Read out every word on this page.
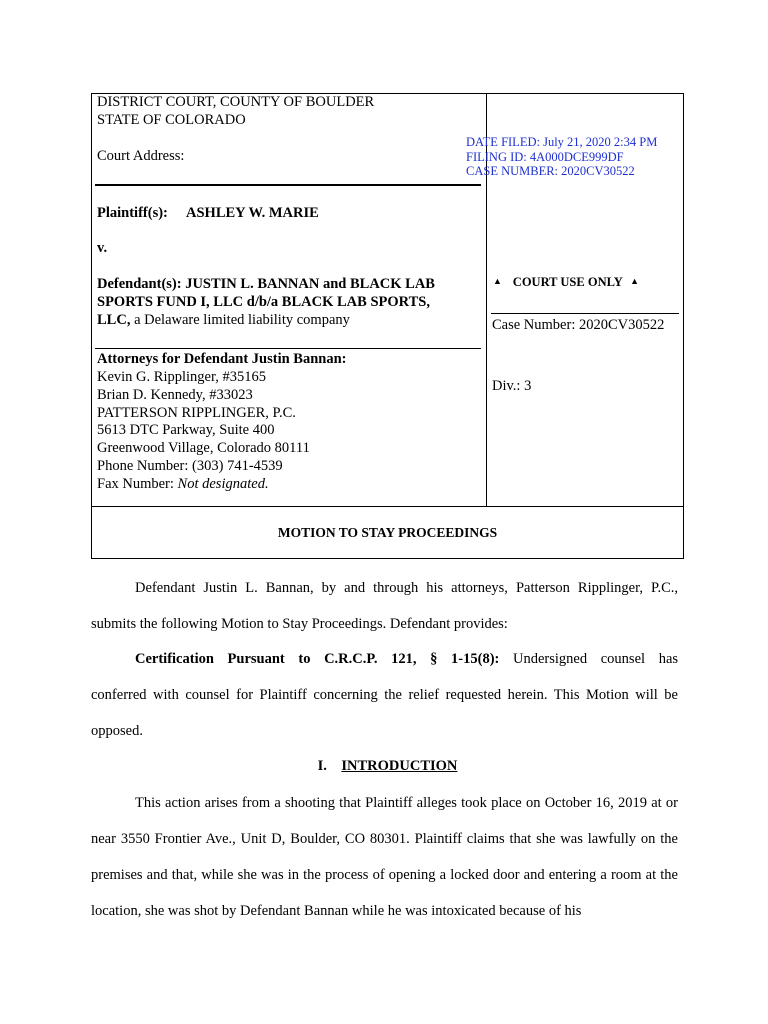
DISTRICT COURT, COUNTY OF BOULDER
STATE OF COLORADO
Court Address:
DATE FILED: July 21, 2020 2:34 PM
FILING ID: 4A000DCE999DF
CASE NUMBER: 2020CV30522
Plaintiff(s): ASHLEY W. MARIE
v.
Defendant(s): JUSTIN L. BANNAN and BLACK LAB
SPORTS FUND I, LLC d/b/a BLACK LAB SPORTS,
LLC, a Delaware limited liability company
▲ COURT USE ONLY ▲
Case Number: 2020CV30522
Div.: 3
Attorneys for Defendant Justin Bannan:
Kevin G. Ripplinger, #35165
Brian D. Kennedy, #33023
PATTERSON RIPPLINGER, P.C.
5613 DTC Parkway, Suite 400
Greenwood Village, Colorado 80111
Phone Number: (303) 741-4539
Fax Number: Not designated.
MOTION TO STAY PROCEEDINGS
Defendant Justin L. Bannan, by and through his attorneys, Patterson Ripplinger, P.C., submits the following Motion to Stay Proceedings. Defendant provides:
Certification Pursuant to C.R.C.P. 121, § 1-15(8): Undersigned counsel has
conferred with counsel for Plaintiff concerning the relief requested herein. This Motion will be opposed.
I. INTRODUCTION
This action arises from a shooting that Plaintiff alleges took place on October 16, 2019 at or near 3550 Frontier Ave., Unit D, Boulder, CO 80301. Plaintiff claims that she was lawfully on the premises and that, while she was in the process of opening a locked door and entering a room at the location, she was shot by Defendant Bannan while he was intoxicated because of his
